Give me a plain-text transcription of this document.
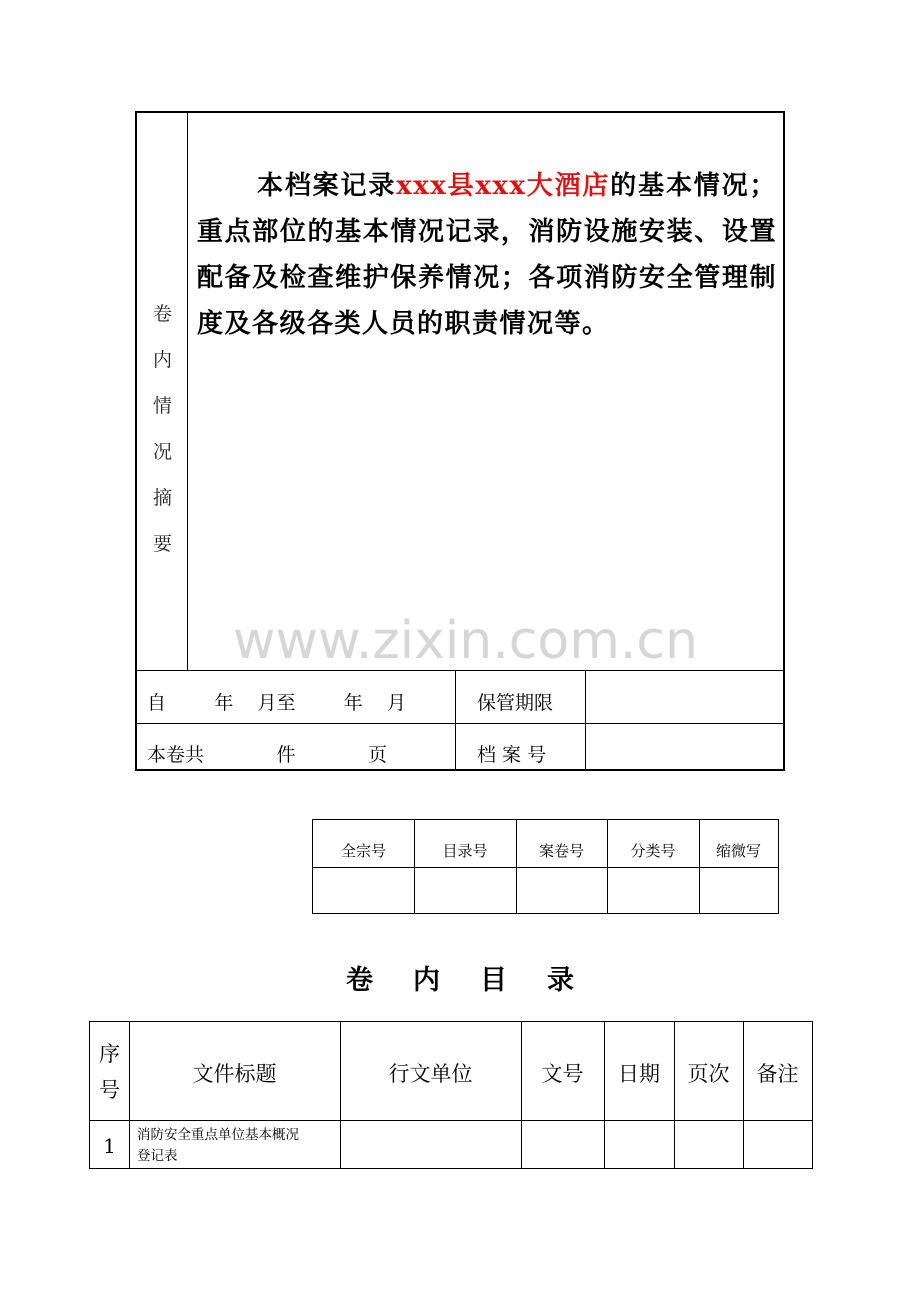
卷
内
情
况
摘
要
本档案记录xxx县xxx大酒店的基本情况；重点部位的基本情况记录，消防设施安装、设置配备及检查维护保养情况；各项消防安全管理制度及各级各类人员的职责情况等。
www.zixin.com.cn
自        年    月至        年    月	保管期限
本卷共            件            页	档 案 号
全宗号	目录号	案卷号	分类号	缩微写
卷内目录
序
号
文件标题	行文单位	文号	日期	页次	备注
1	消防安全重点单位基本概况
登记表
